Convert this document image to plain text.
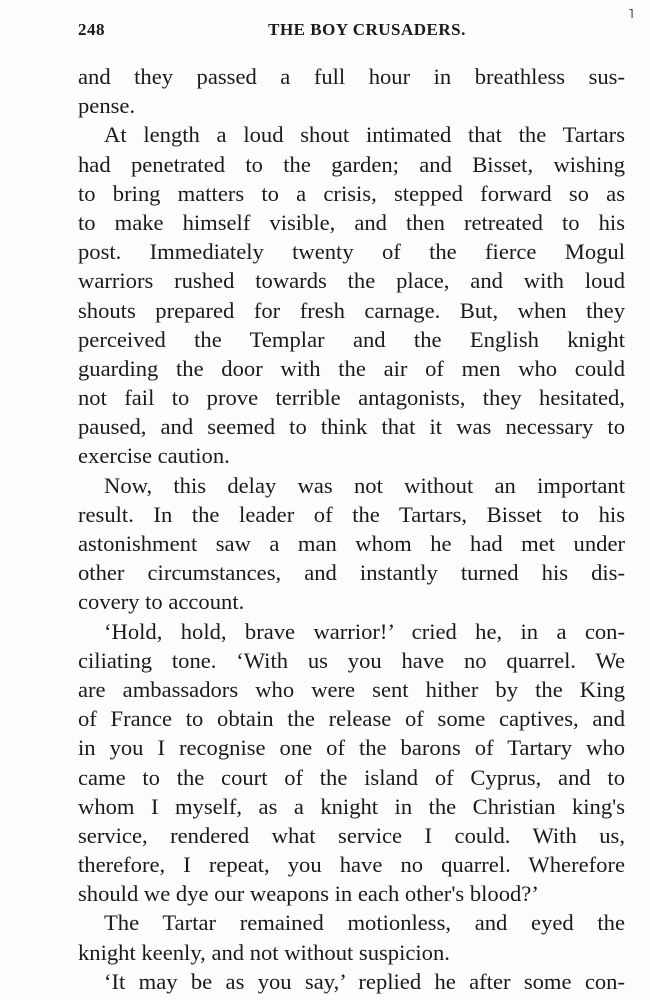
248	THE BOY CRUSADERS.
˥
and they passed a full hour in breathless sus-
pense.
At length a loud shout intimated that the Tartars
had penetrated to the garden; and Bisset, wishing
to bring matters to a crisis, stepped forward so as
to make himself visible, and then retreated to his
post. Immediately twenty of the fierce Mogul
warriors rushed towards the place, and with loud
shouts prepared for fresh carnage. But, when they
perceived the Templar and the English knight
guarding the door with the air of men who could
not fail to prove terrible antagonists, they hesitated,
paused, and seemed to think that it was necessary to
exercise caution.
Now, this delay was not without an important
result. In the leader of the Tartars, Bisset to his
astonishment saw a man whom he had met under
other circumstances, and instantly turned his dis-
covery to account.
‘Hold, hold, brave warrior!’ cried he, in a con-
ciliating tone. ‘With us you have no quarrel. We
are ambassadors who were sent hither by the King
of France to obtain the release of some captives, and
in you I recognise one of the barons of Tartary who
came to the court of the island of Cyprus, and to
whom I myself, as a knight in the Christian king's
service, rendered what service I could. With us,
therefore, I repeat, you have no quarrel. Wherefore
should we dye our weapons in each other's blood?’
The Tartar remained motionless, and eyed the
knight keenly, and not without suspicion.
‘It may be as you say,’ replied he after some con-
